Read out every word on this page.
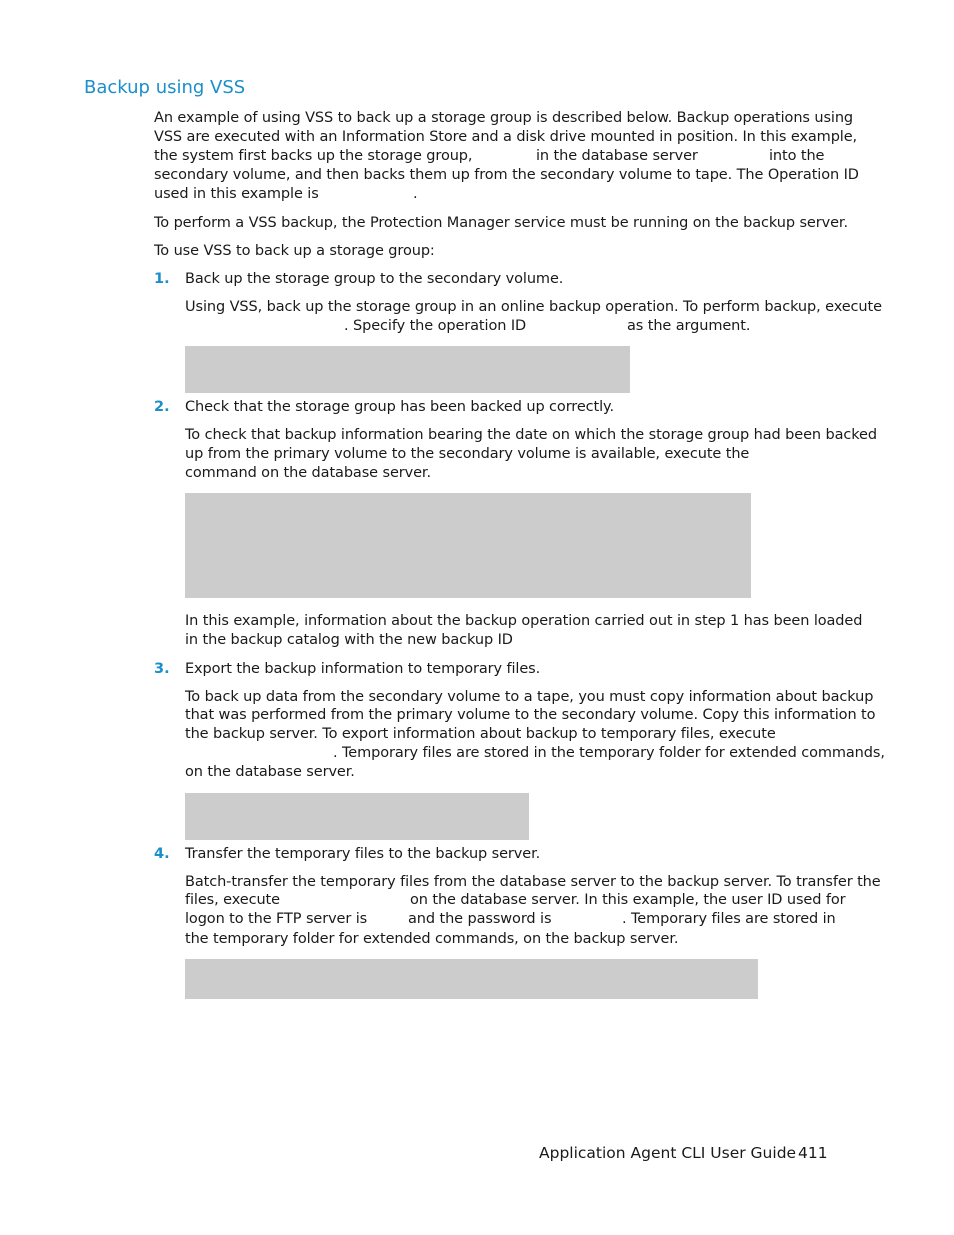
Backup using VSS
An example of using VSS to back up a storage group is described below. Backup operations using
VSS are executed with an Information Store and a disk drive mounted in position. In this example,
the system first backs up the storage group,	in the database server	into the
secondary volume, and then backs them up from the secondary volume to tape. The Operation ID
used in this example is	.
To perform a VSS backup, the Protection Manager service must be running on the backup server.
To use VSS to back up a storage group:
1. Back up the storage group to the secondary volume.
Using VSS, back up the storage group in an online backup operation. To perform backup, execute
. Specify the operation ID	as the argument.
2. Check that the storage group has been backed up correctly.
To check that backup information bearing the date on which the storage group had been backed
up from the primary volume to the secondary volume is available, execute the
command on the database server.
In this example, information about the backup operation carried out in step 1 has been loaded
in the backup catalog with the new backup ID
3. Export the backup information to temporary files.
To back up data from the secondary volume to a tape, you must copy information about backup
that was performed from the primary volume to the secondary volume. Copy this information to
the backup server. To export information about backup to temporary files, execute
. Temporary files are stored in the temporary folder for extended commands,
on the database server.
4. Transfer the temporary files to the backup server.
Batch-transfer the temporary files from the database server to the backup server. To transfer the
files, execute	on the database server. In this example, the user ID used for
logon to the FTP server is	and the password is	. Temporary files are stored in
the temporary folder for extended commands, on the backup server.
Application Agent CLI User Guide 411
